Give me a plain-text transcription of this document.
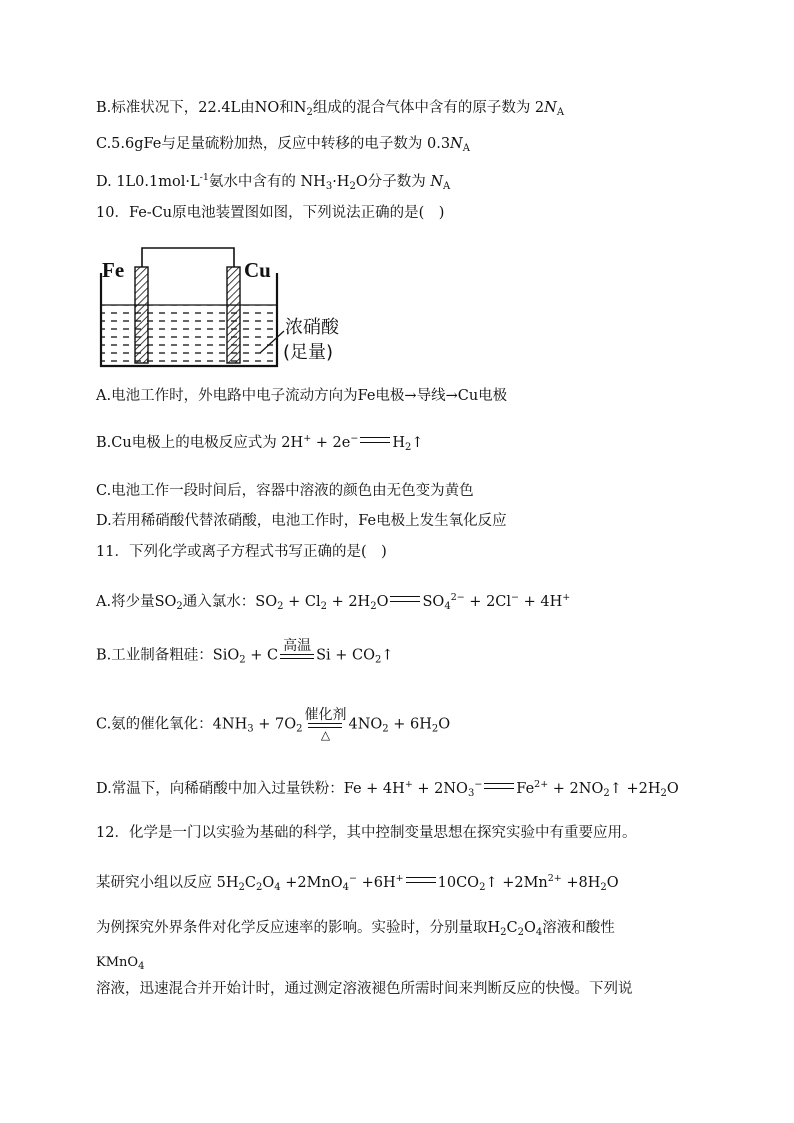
B.标准状况下，22.4L由NO和$N_2$组成的混合气体中含有的原子数为 $2N_A$
C.5.6gFe与足量硫粉加热，反应中转移的电子数为 $0.3N_A$
D. $1L0.1mol\cdot L^{-1}$氨水中含有的 $NH_3\cdot H_2O$分子数为 $N_A$
10．Fe-Cu原电池装置图如图，下列说法正确的是(　)
Fe	Cu
浓硝酸
(足量)
A.电池工作时，外电路中电子流动方向为Fe电极→导线→Cu电极
B.Cu电极上的电极反应式为 2H+ + 2e− $H_2↑$
C.电池工作一段时间后，容器中溶液的颜色由无色变为黄色
D.若用稀硝酸代替浓硝酸，电池工作时，Fe电极上发生氧化反应
11．下列化学或离子方程式书写正确的是(　)
A.将少量$SO_2$通入氯水：$SO_2 + Cl_2 + 2H_2O$ $SO_4^{2-} + 2Cl^- + 4H^+$
B.工业制备粗硅：SiO$_2$ + C
高温
$Si + CO_2↑$
C.氨的催化氧化：$4NH_3 + 7O_2$
催化剂
△
$4NO_2 + 6H_2O$
D.常温下，向稀硝酸中加入过量铁粉：$Fe + 4H^+ + 2NO_3^-$ $Fe^{2+}$ + $2NO_2↑ +2H_2O$
12．化学是一门以实验为基础的科学，其中控制变量思想在探究实验中有重要应用。
某研究小组以反应 $5H_2C_2O_4 +2MnO_4^- +6H^+$ $10CO_2↑ +2Mn^{2+} +8H_2O$
为例探究外界条件对化学反应速率的影响。实验时，分别量取$H_2C_2O_4$溶液和酸性
KMnO$_4$
溶液，迅速混合并开始计时，通过测定溶液褪色所需时间来判断反应的快慢。下列说
